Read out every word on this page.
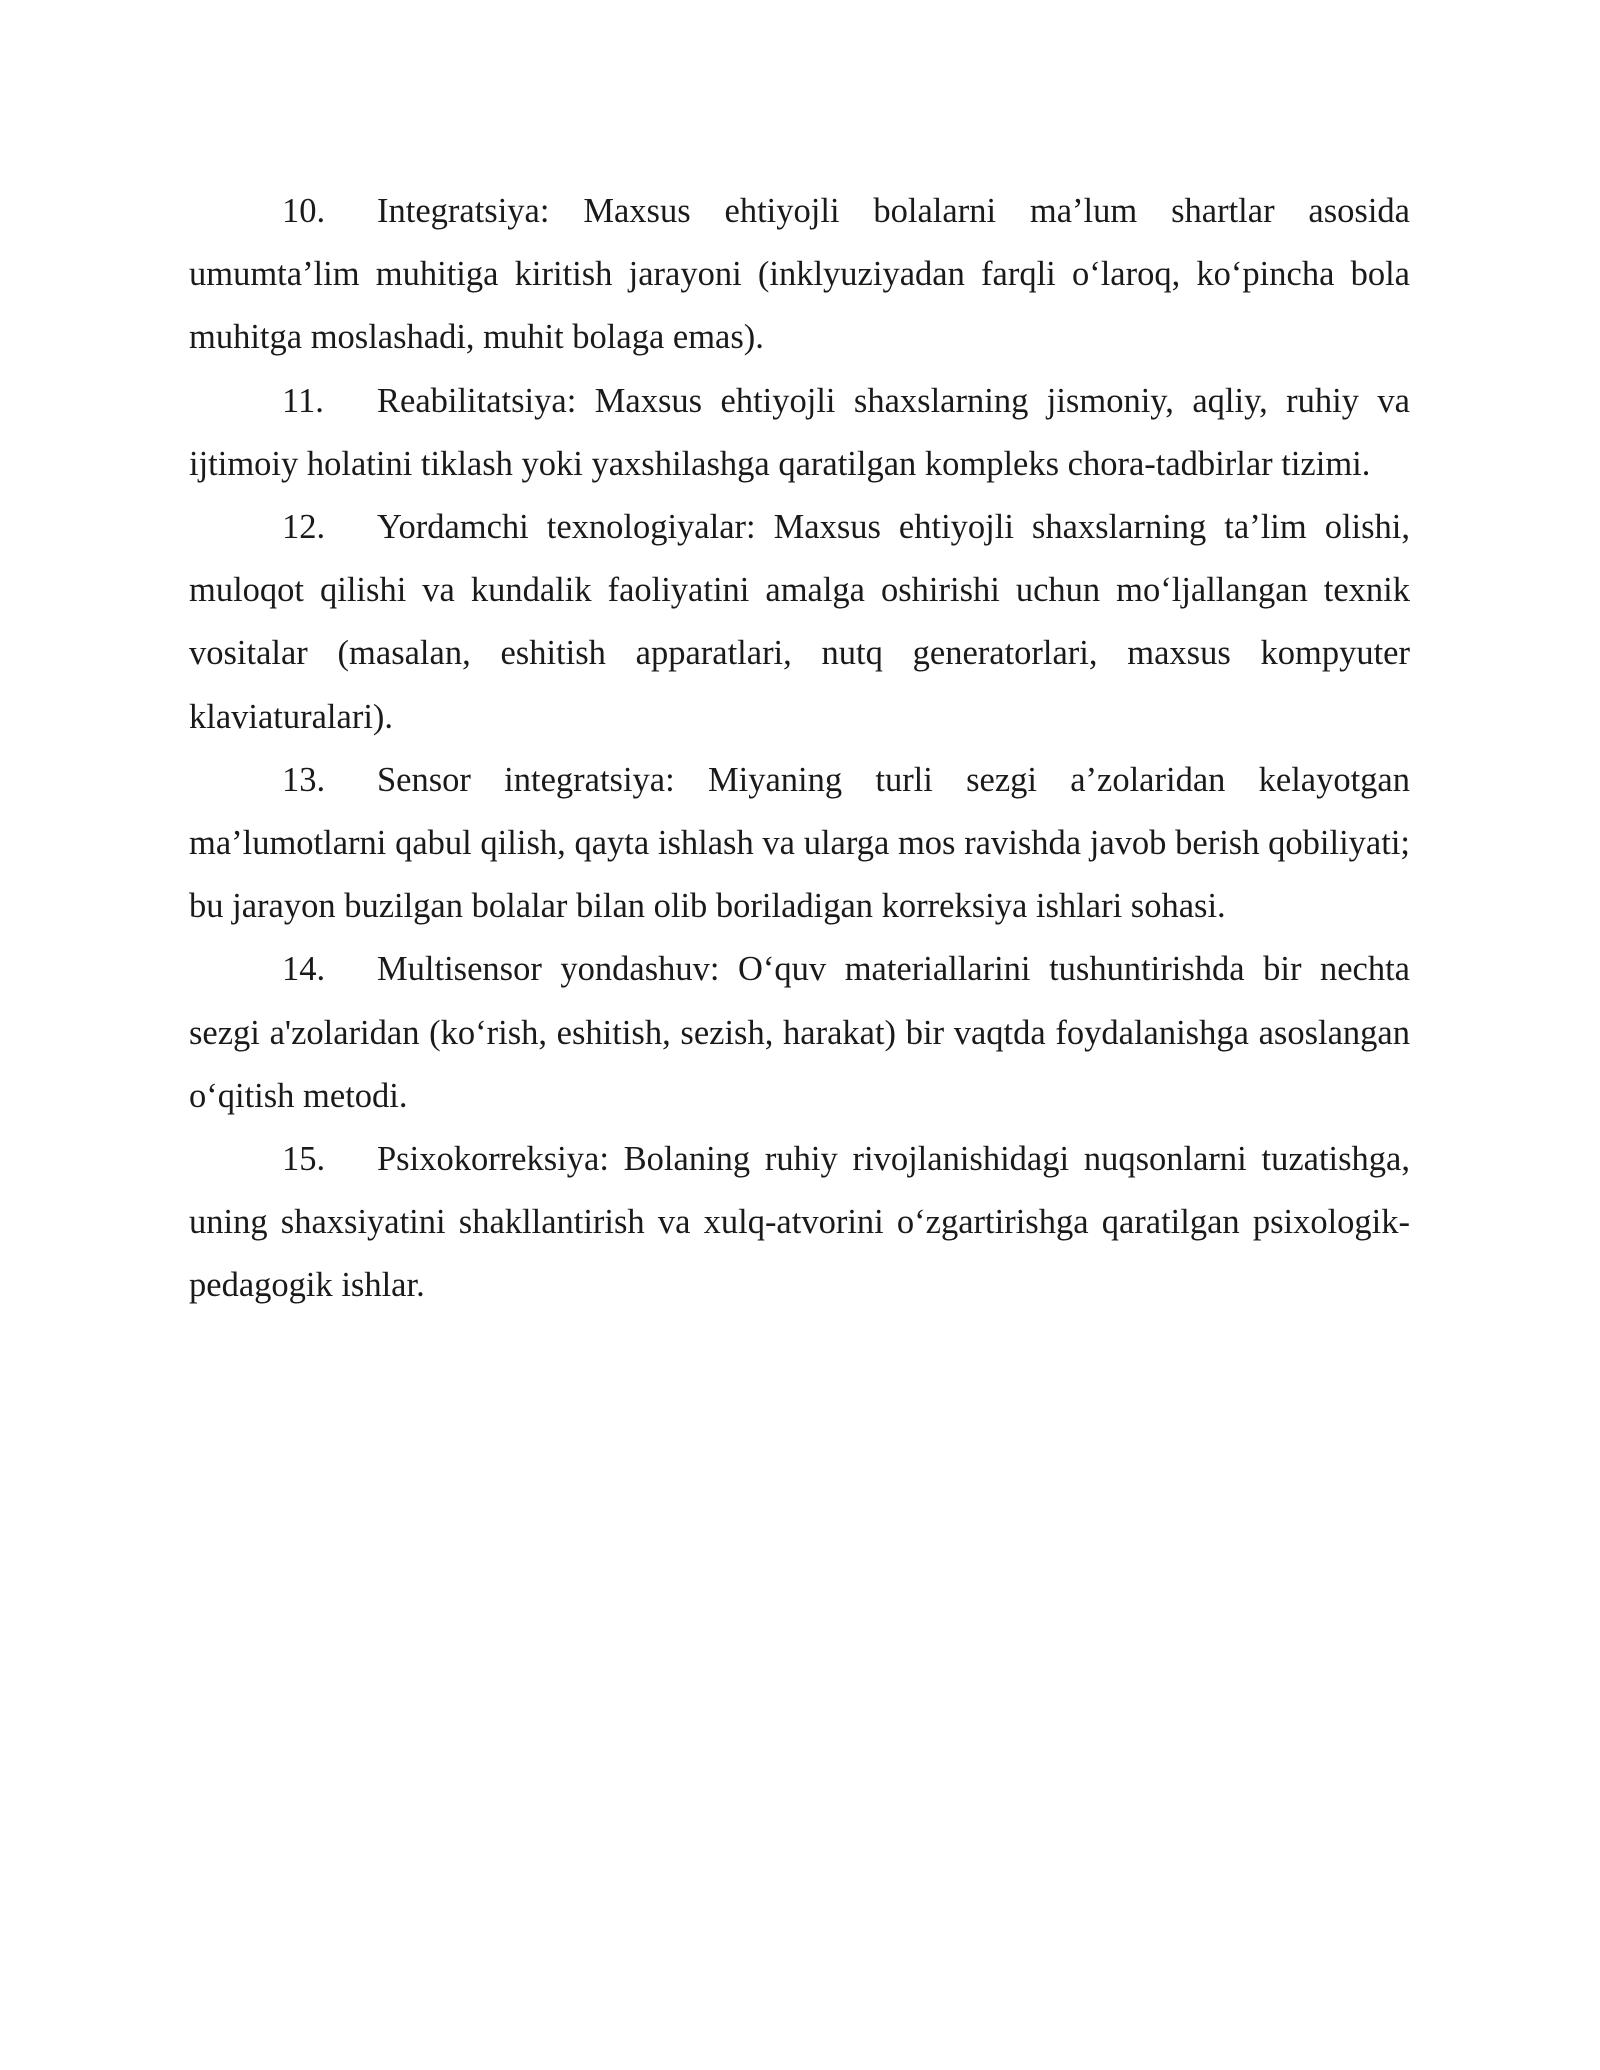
10. Integratsiya: Maxsus ehtiyojli bolalarni ma’lum shartlar asosida umumta’lim muhitiga kiritish jarayoni (inklyuziyadan farqli o‘laroq, ko‘pincha bola muhitga moslashadi, muhit bolaga emas).

11. Reabilitatsiya: Maxsus ehtiyojli shaxslarning jismoniy, aqliy, ruhiy va ijtimoiy holatini tiklash yoki yaxshilashga qaratilgan kompleks chora-tadbirlar tizimi.

12. Yordamchi texnologiyalar: Maxsus ehtiyojli shaxslarning ta’lim olishi, muloqot qilishi va kundalik faoliyatini amalga oshirishi uchun mo‘ljallangan texnik vositalar (masalan, eshitish apparatlari, nutq generatorlari, maxsus kompyuter klaviaturalari).

13. Sensor integratsiya: Miyaning turli sezgi a’zolaridan kelayotgan ma’lumotlarni qabul qilish, qayta ishlash va ularga mos ravishda javob berish qobiliyati; bu jarayon buzilgan bolalar bilan olib boriladigan korreksiya ishlari sohasi.

14. Multisensor yondashuv: O‘quv materiallarini tushuntirishda bir nechta sezgi a'zolaridan (ko‘rish, eshitish, sezish, harakat) bir vaqtda foydalanishga asoslangan o‘qitish metodi.

15. Psixokorreksiya: Bolaning ruhiy rivojlanishidagi nuqsonlarni tuzatishga, uning shaxsiyatini shakllantirish va xulq-atvorini o‘zgartirishga qaratilgan psixologik-pedagogik ishlar.
